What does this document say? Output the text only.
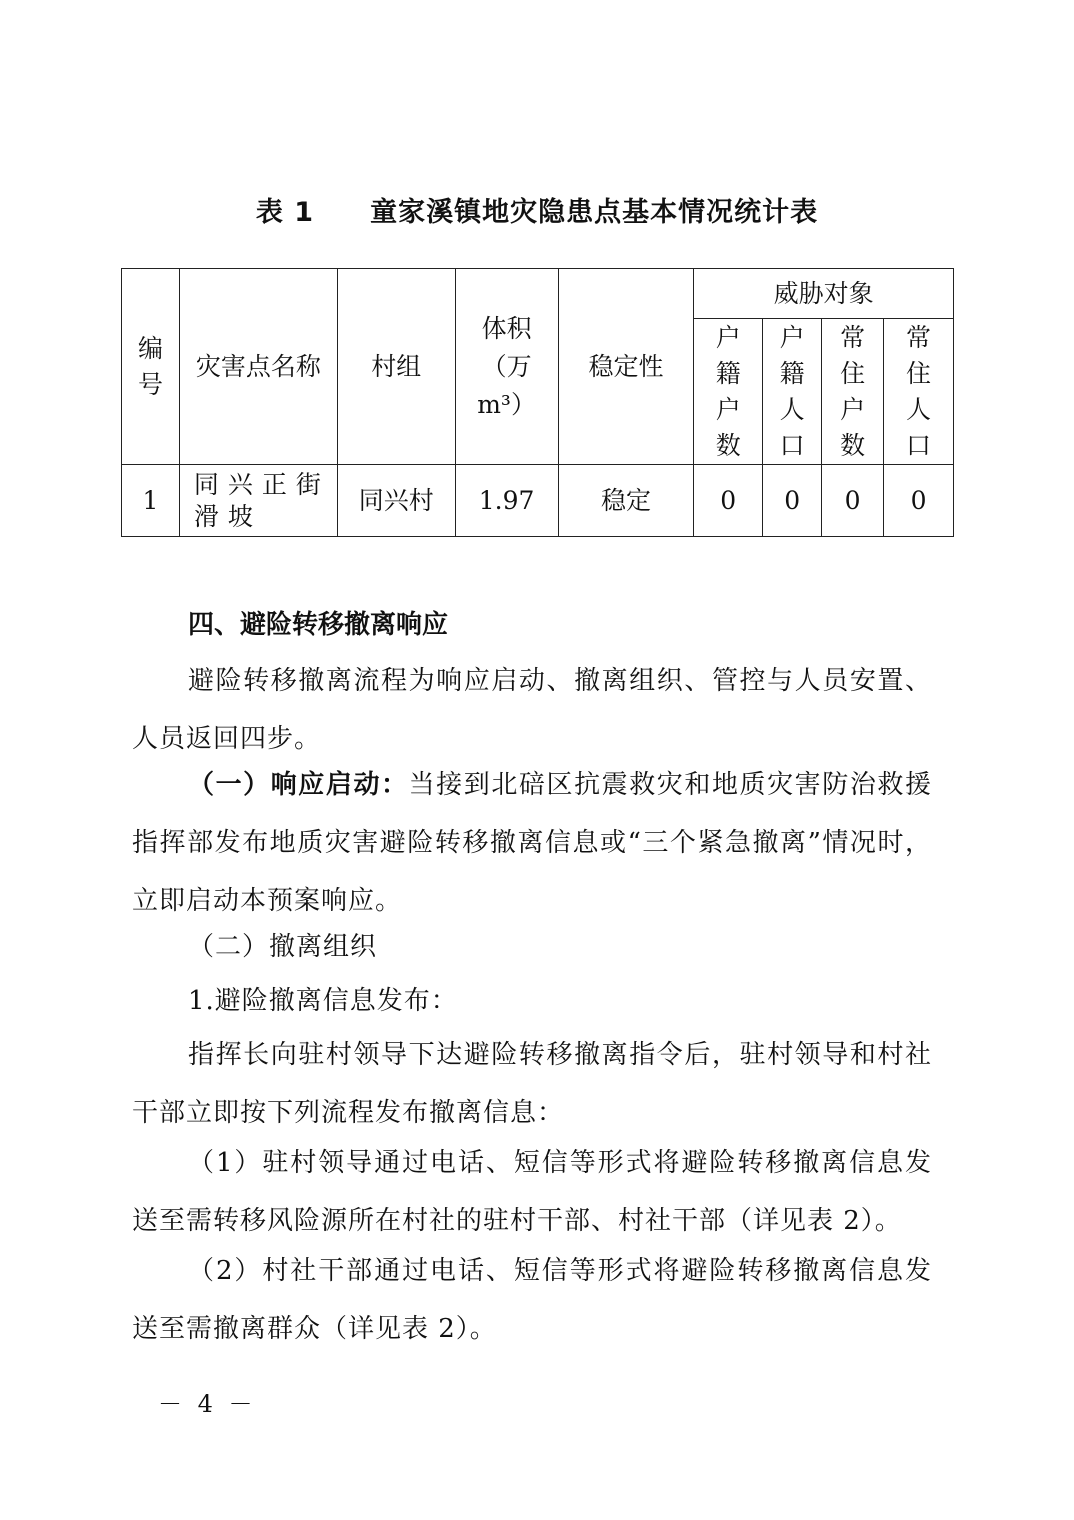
表 1　　童家溪镇地灾隐患点基本情况统计表
编号	灾害点名称	村组	体积（万 m³）	稳定性	威胁对象			
					户籍户数	户籍人口	常住户数	常住人口
1	同兴正街滑坡	同兴村	1.97	稳定	0	0	0	0
四、避险转移撤离响应

避险转移撤离流程为响应启动、撤离组织、管控与人员安置、人员返回四步。

（一）响应启动：当接到北碚区抗震救灾和地质灾害防治救援指挥部发布地质灾害避险转移撤离信息或“三个紧急撤离”情况时，立即启动本预案响应。

（二）撤离组织

1.避险撤离信息发布：

指挥长向驻村领导下达避险转移撤离指令后，驻村领导和村社干部立即按下列流程发布撤离信息：

（1）驻村领导通过电话、短信等形式将避险转移撤离信息发送至需转移风险源所在村社的驻村干部、村社干部（详见表 2）。

（2）村社干部通过电话、短信等形式将避险转移撤离信息发送至需撤离群众（详见表 2）。

－ 4 －
